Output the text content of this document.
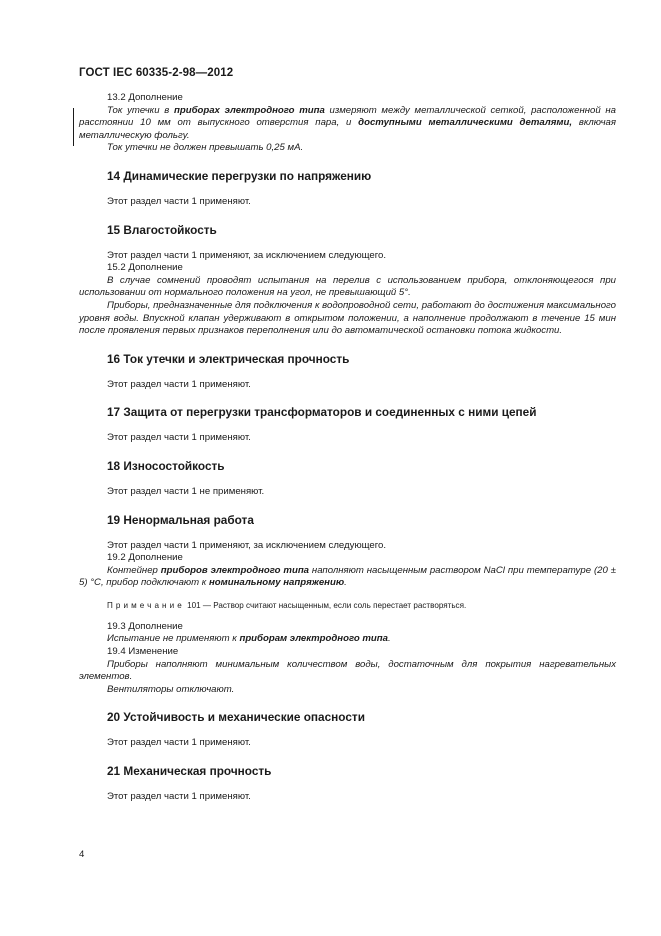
ГОСТ IEC 60335-2-98—2012

13.2 Дополнение

Ток утечки в приборах электродного типа измеряют между металлической сеткой, расположенной на расстоянии 10 мм от выпускного отверстия пара, и доступными металлическими деталями, включая металлическую фольгу.

Ток утечки не должен превышать 0,25 мА.

14 Динамические перегрузки по напряжению

Этот раздел части 1 применяют.

15 Влагостойкость

Этот раздел части 1 применяют, за исключением следующего.

15.2 Дополнение

В случае сомнений проводят испытания на перелив с использованием прибора, отклоняющегося при использовании от нормального положения на угол, не превышающий 5°.

Приборы, предназначенные для подключения к водопроводной сети, работают до достижения максимального уровня воды. Впускной клапан удерживают в открытом положении, а наполнение продолжают в течение 15 мин после проявления первых признаков переполнения или до автоматической остановки потока жидкости.

16 Ток утечки и электрическая прочность

Этот раздел части 1 применяют.

17 Защита от перегрузки трансформаторов и соединенных с ними цепей

Этот раздел части 1 применяют.

18 Износостойкость

Этот раздел части 1 не применяют.

19 Ненормальная работа

Этот раздел части 1 применяют, за исключением следующего.

19.2 Дополнение

Контейнер приборов электродного типа наполняют насыщенным раствором NaCl при температуре (20 ± 5) °C, прибор подключают к номинальному напряжению.

Примечание 101 — Раствор считают насыщенным, если соль перестает растворяться.

19.3 Дополнение

Испытание не применяют к приборам электродного типа.

19.4 Изменение

Приборы наполняют минимальным количеством воды, достаточным для покрытия нагревательных элементов.

Вентиляторы отключают.

20 Устойчивость и механические опасности

Этот раздел части 1 применяют.

21 Механическая прочность

Этот раздел части 1 применяют.

4
